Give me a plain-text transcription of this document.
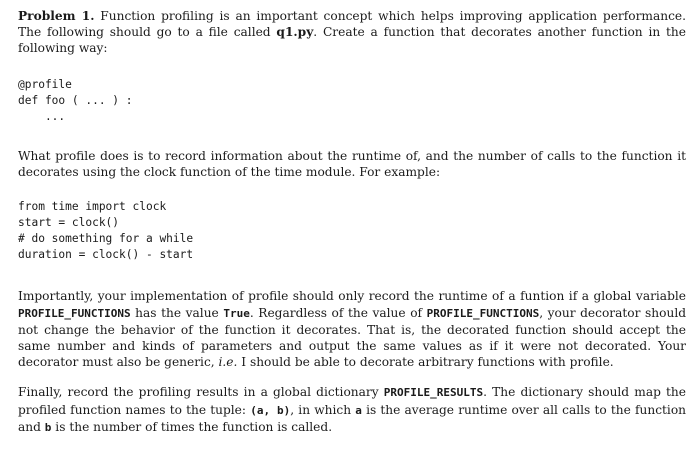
Problem 1. Function profiling is an important concept which helps improving application performance. The following should go to a file called q1.py. Create a function that decorates another function in the following way:

@profile
def foo ( ... ) :
...

What profile does is to record information about the runtime of, and the number of calls to the function it decorates using the clock function of the time module. For example:

from time import clock
start = clock()
# do something for a while
duration = clock() - start

Importantly, your implementation of profile should only record the runtime of a funtion if a global variable PROFILE_FUNCTIONS has the value True. Regardless of the value of PROFILE_FUNCTIONS, your decorator should not change the behavior of the function it decorates. That is, the decorated function should accept the same number and kinds of parameters and output the same values as if it were not decorated. Your decorator must also be generic, i.e. I should be able to decorate arbitrary functions with profile.

Finally, record the profiling results in a global dictionary PROFILE_RESULTS. The dictionary should map the profiled function names to the tuple: (a, b), in which a is the average runtime over all calls to the function and b is the number of times the function is called.
